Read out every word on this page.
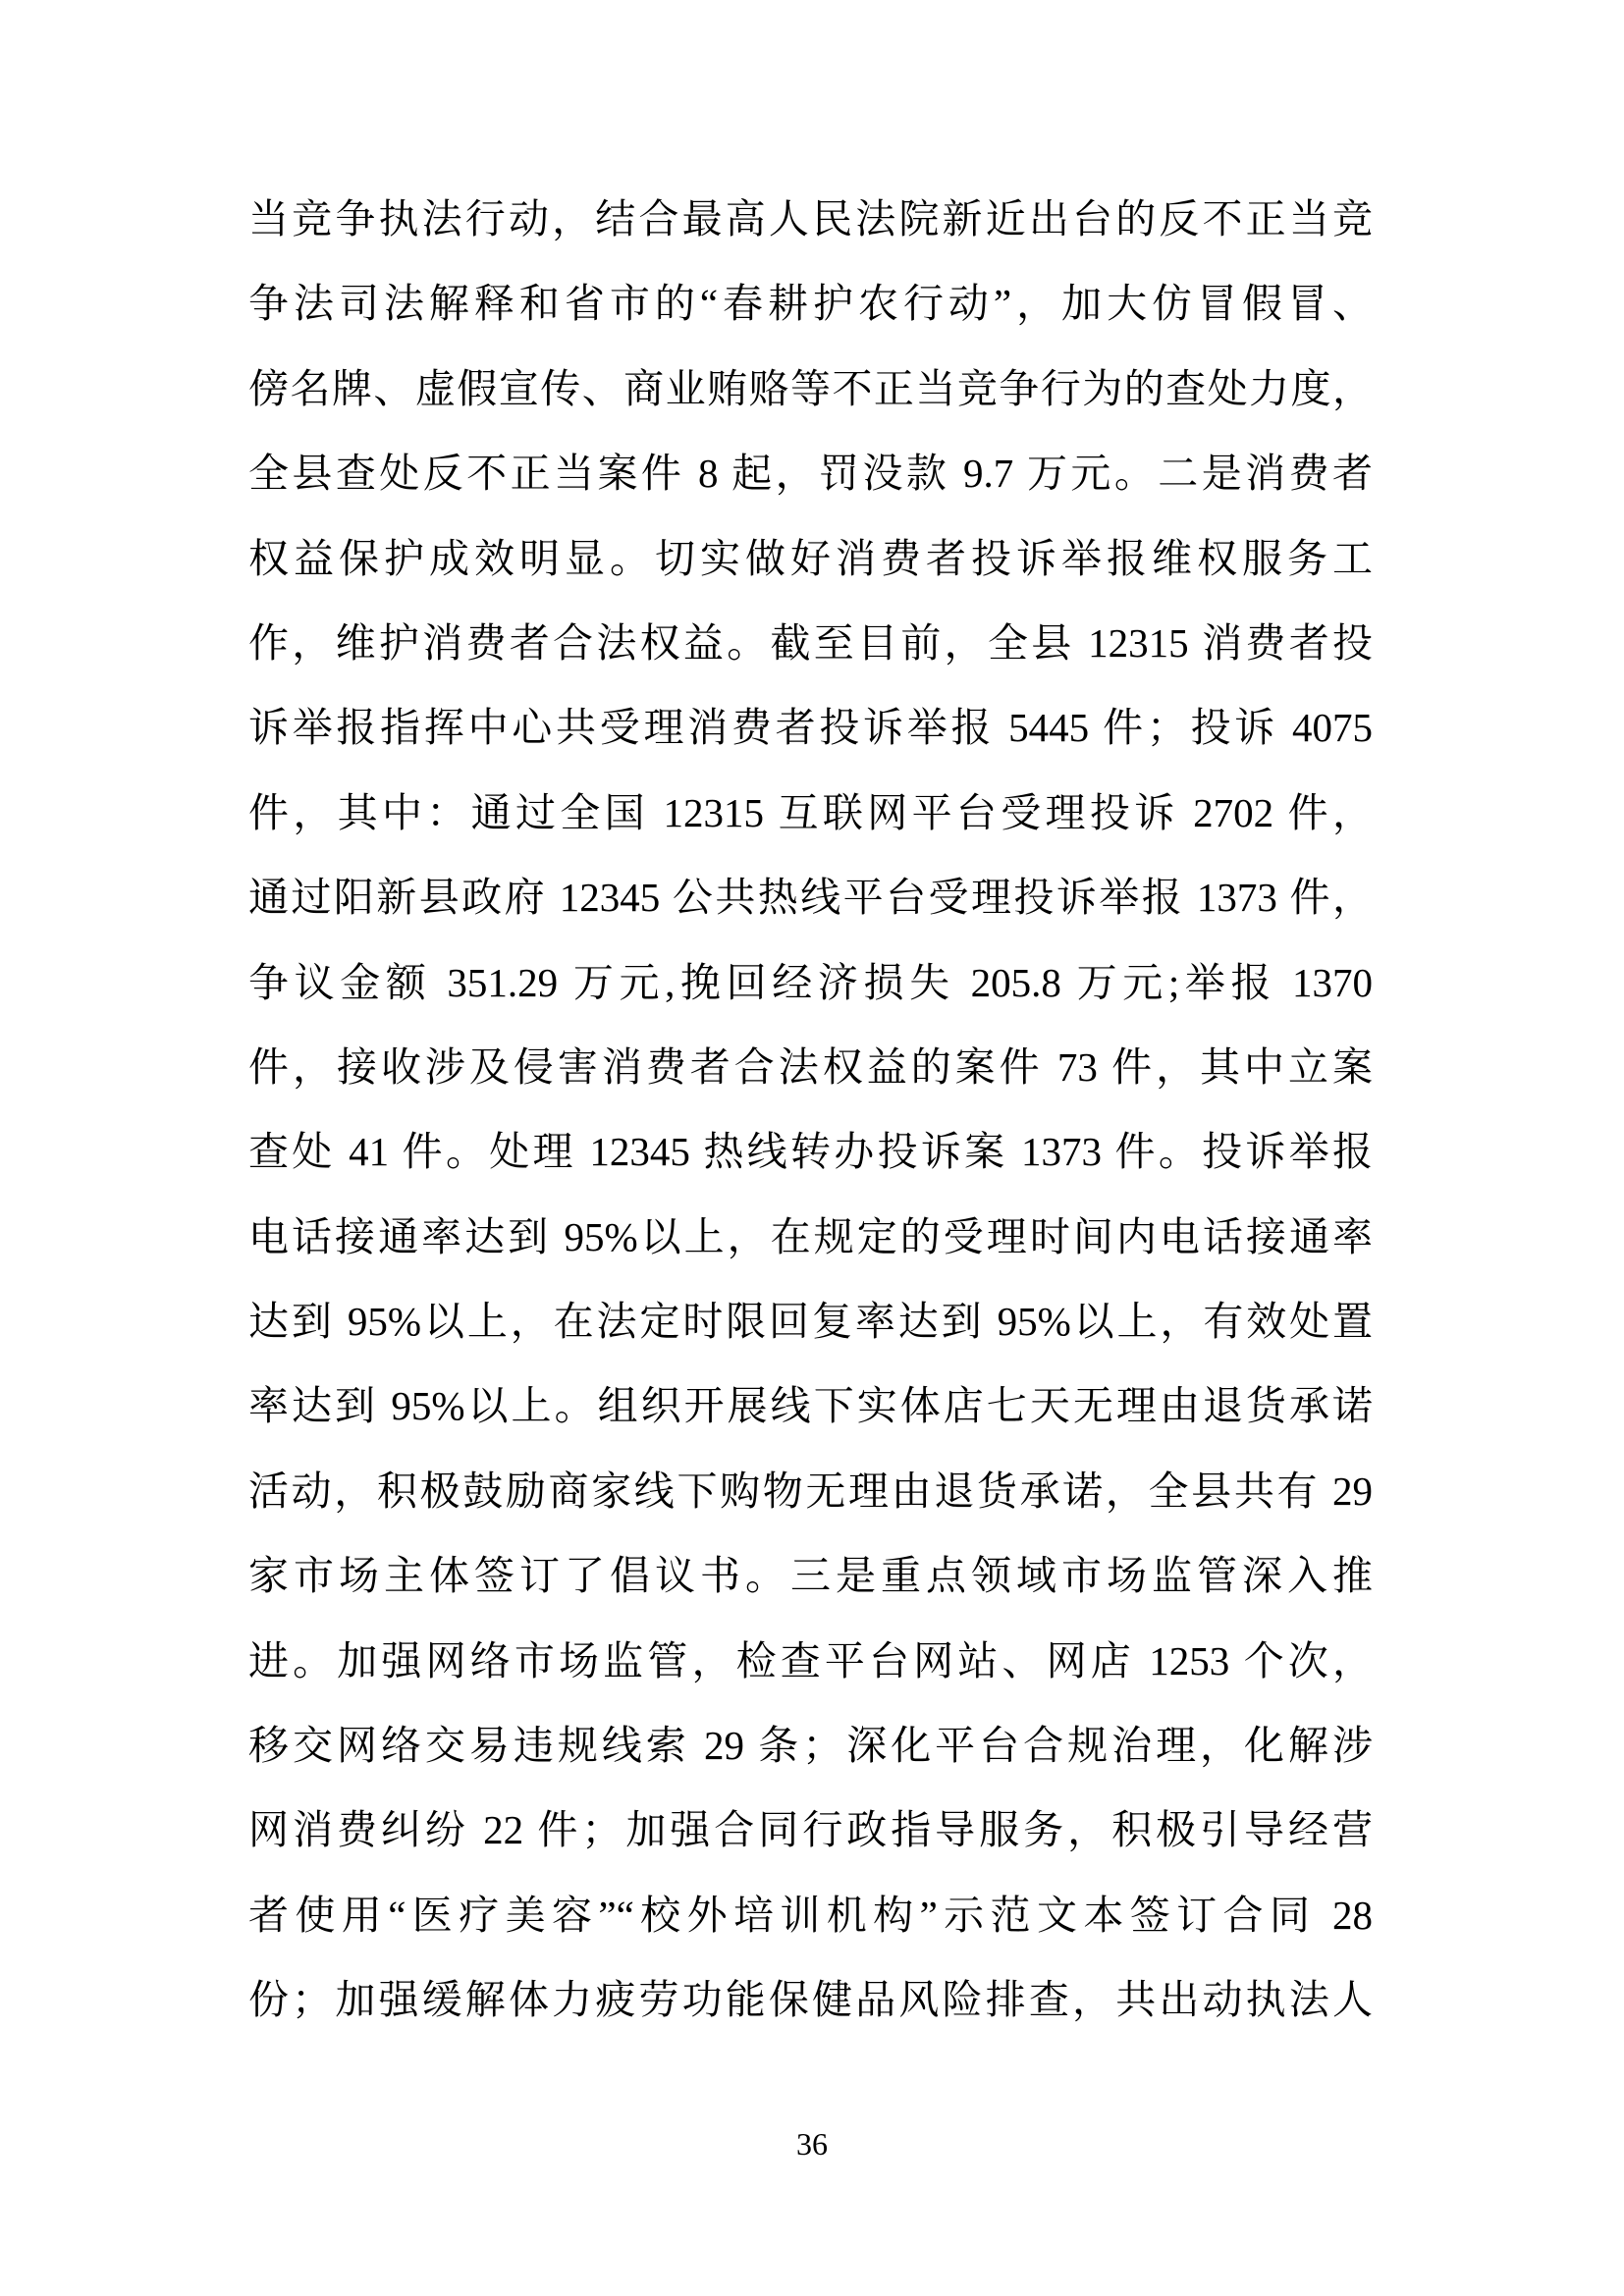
当竞争执法行动，结合最高人民法院新近出台的反不正当竞
争法司法解释和省市的“春耕护农行动”，加大仿冒假冒、
傍名牌、虚假宣传、商业贿赂等不正当竞争行为的查处力度，
全县查处反不正当案件 8 起，罚没款 9.7 万元。二是消费者
权益保护成效明显。切实做好消费者投诉举报维权服务工
作，维护消费者合法权益。截至目前，全县 12315 消费者投
诉举报指挥中心共受理消费者投诉举报 5445 件；投诉 4075
件，其中：通过全国 12315 互联网平台受理投诉 2702 件，
通过阳新县政府 12345 公共热线平台受理投诉举报 1373 件，
争议金额 351.29 万元,挽回经济损失 205.8 万元;举报 1370
件，接收涉及侵害消费者合法权益的案件 73 件，其中立案
查处 41 件。处理 12345 热线转办投诉案 1373 件。投诉举报
电话接通率达到 95%以上，在规定的受理时间内电话接通率
达到 95%以上，在法定时限回复率达到 95%以上，有效处置
率达到 95%以上。组织开展线下实体店七天无理由退货承诺
活动，积极鼓励商家线下购物无理由退货承诺，全县共有 29
家市场主体签订了倡议书。三是重点领域市场监管深入推
进。加强网络市场监管，检查平台网站、网店 1253 个次，
移交网络交易违规线索 29 条；深化平台合规治理，化解涉
网消费纠纷 22 件；加强合同行政指导服务，积极引导经营
者使用“医疗美容”“校外培训机构”示范文本签订合同 28
份；加强缓解体力疲劳功能保健品风险排查，共出动执法人
36
